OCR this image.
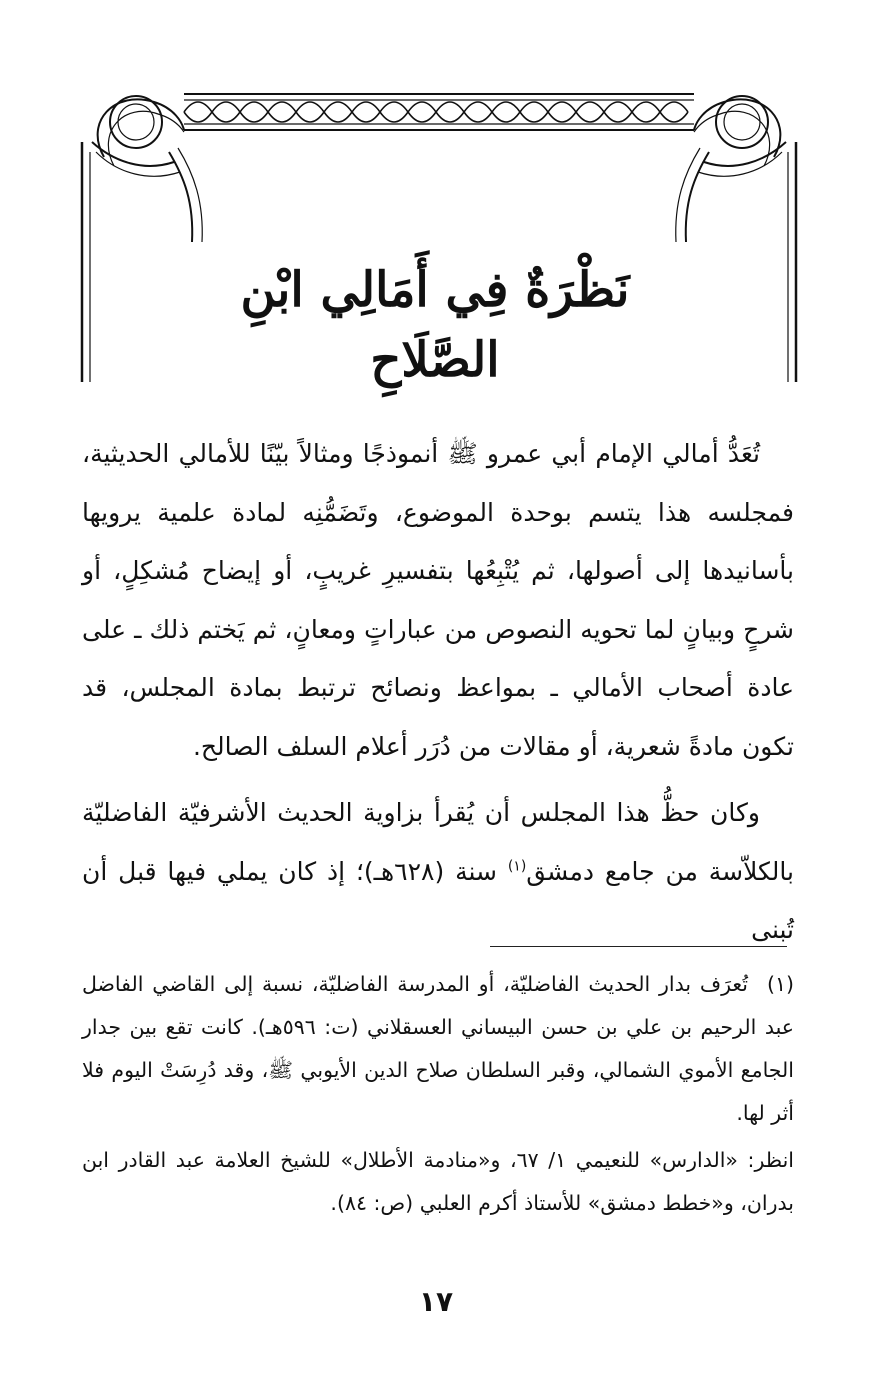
نَظْرَةٌ فِي أَمَالِي ابْنِ الصَّلَاحِ

تُعَدُّ أمالي الإمام أبي عمرو ﷺ أنموذجًا ومثالاً بيّنًا للأمالي الحديثية، فمجلسه هذا يتسم بوحدة الموضوع، وتَضَمُّنِه لمادة علمية يرويها بأسانيدها إلى أصولها، ثم يُتْبِعُها بتفسيرِ غريبٍ، أو إيضاح مُشكِلٍ، أو شرحٍ وبيانٍ لما تحويه النصوص من عباراتٍ ومعانٍ، ثم يَختم ذلك ـ على عادة أصحاب الأمالي ـ بمواعظ ونصائح ترتبط بمادة المجلس، قد تكون مادةً شعرية، أو مقالات من دُرَر أعلام السلف الصالح.

وكان حظُّ هذا المجلس أن يُقرأ بزاوية الحديث الأشرفيّة الفاضليّة بالكلاّسة من جامع دمشق$^{(١)}$ سنة (٦٢٨هـ)؛ إذ كان يملي فيها قبل أن تُبنى

(١)تُعرَف بدار الحديث الفاضليّة، أو المدرسة الفاضليّة، نسبة إلى القاضي الفاضل عبد الرحيم بن علي بن حسن البيساني العسقلاني (ت: ٥٩٦هـ). كانت تقع بين جدار الجامع الأموي الشمالي، وقبر السلطان صلاح الدين الأيوبي ﷺ، وقد دُرِسَتْ اليوم فلا أثر لها.

انظر: «الدارس» للنعيمي ١/ ٦٧، و«منادمة الأطلال» للشيخ العلامة عبد القادر ابن بدران، و«خطط دمشق» للأستاذ أكرم العلبي (ص: ٨٤).

١٧
